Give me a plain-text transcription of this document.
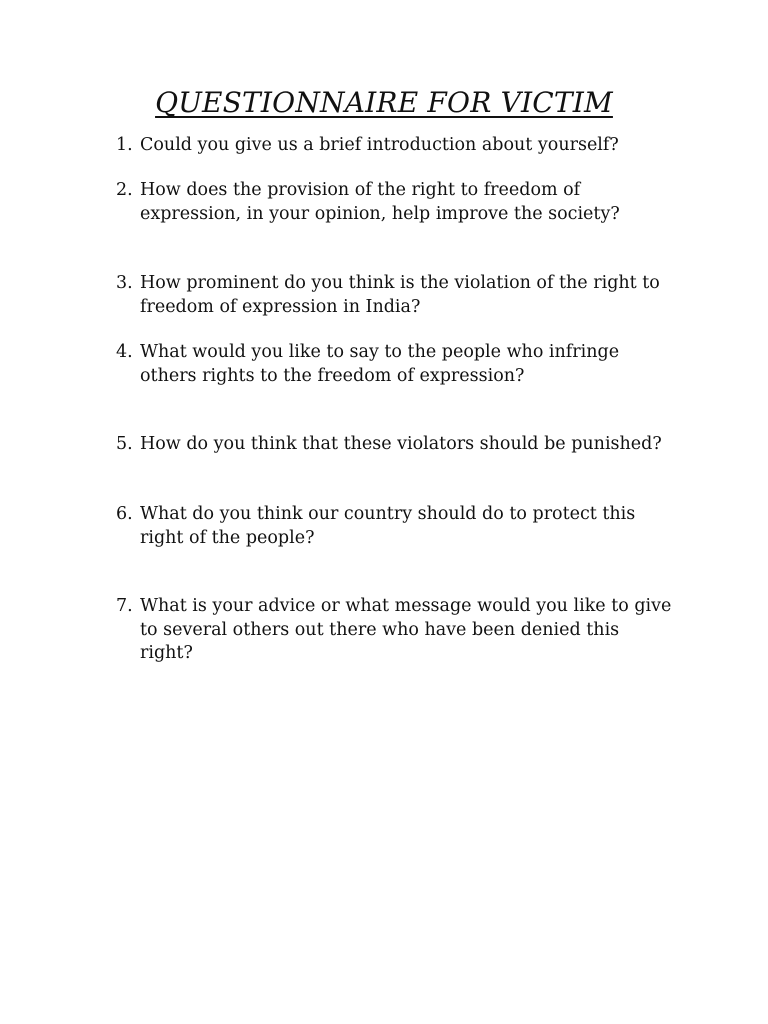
QUESTIONNAIRE FOR VICTIM
1. Could you give us a brief introduction about yourself?
2. How does the provision of the right to freedom of expression, in your opinion, help improve the society?
3. How prominent do you think is the violation of the right to freedom of expression in India?
4. What would you like to say to the people who infringe others rights to the freedom of expression?
5. How do you think that these violators should be punished?
6. What do you think our country should do to protect this right of the people?
7. What is your advice or what message would you like to give to several others out there who have been denied this right?
